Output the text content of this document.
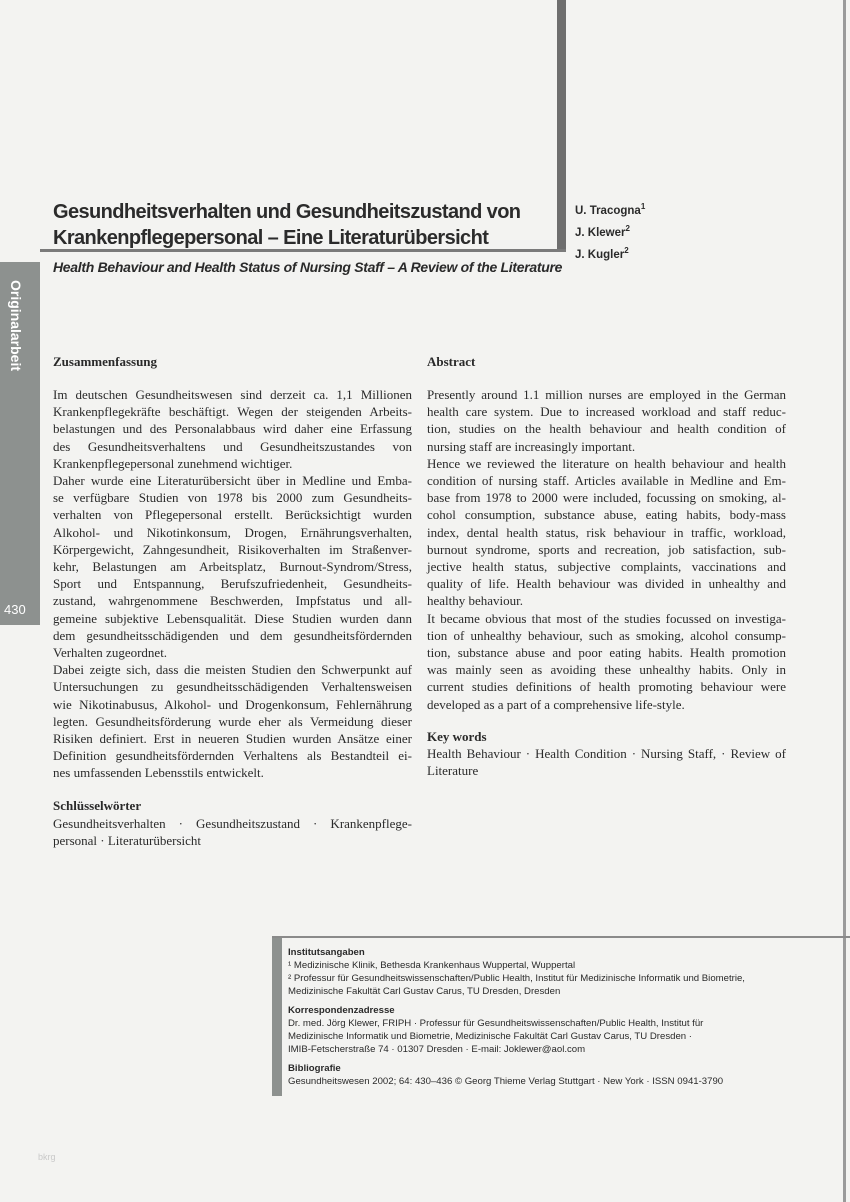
Originalarbeit
430
Gesundheitsverhalten und Gesundheitszustand von
Krankenpflegepersonal – Eine Literaturübersicht
Health Behaviour and Health Status of Nursing Staff – A Review of the Literature
U. Tracogna$^1$
J. Klewer$^2$
J. Kugler$^2$
Zusammenfassung
Im deutschen Gesundheitswesen sind derzeit ca. 1,1 Millionen
Krankenpflegekräfte beschäftigt. Wegen der steigenden Arbeits-
belastungen und des Personalabbaus wird daher eine Erfassung
des Gesundheitsverhaltens und Gesundheitszustandes von
Krankenpflegepersonal zunehmend wichtiger.
Daher wurde eine Literaturübersicht über in Medline und Emba-
se verfügbare Studien von 1978 bis 2000 zum Gesundheits-
verhalten von Pflegepersonal erstellt. Berücksichtigt wurden
Alkohol- und Nikotinkonsum, Drogen, Ernährungsverhalten,
Körpergewicht, Zahngesundheit, Risikoverhalten im Straßenver-
kehr, Belastungen am Arbeitsplatz, Burnout-Syndrom/Stress,
Sport und Entspannung, Berufszufriedenheit, Gesundheits-
zustand, wahrgenommene Beschwerden, Impfstatus und all-
gemeine subjektive Lebensqualität. Diese Studien wurden dann
dem gesundheitsschädigenden und dem gesundheitsfördernden
Verhalten zugeordnet.
Dabei zeigte sich, dass die meisten Studien den Schwerpunkt auf
Untersuchungen zu gesundheitsschädigenden Verhaltensweisen
wie Nikotinabusus, Alkohol- und Drogenkonsum, Fehlernährung
legten. Gesundheitsförderung wurde eher als Vermeidung dieser
Risiken definiert. Erst in neueren Studien wurden Ansätze einer
Definition gesundheitsfördernden Verhaltens als Bestandteil ei-
nes umfassenden Lebensstils entwickelt.
Schlüsselwörter
Gesundheitsverhalten · Gesundheitszustand · Krankenpflege-
personal · Literaturübersicht
Abstract
Presently around 1.1 million nurses are employed in the German
health care system. Due to increased workload and staff reduc-
tion, studies on the health behaviour and health condition of
nursing staff are increasingly important.
Hence we reviewed the literature on health behaviour and health
condition of nursing staff. Articles available in Medline and Em-
base from 1978 to 2000 were included, focussing on smoking, al-
cohol consumption, substance abuse, eating habits, body-mass
index, dental health status, risk behaviour in traffic, workload,
burnout syndrome, sports and recreation, job satisfaction, sub-
jective health status, subjective complaints, vaccinations and
quality of life. Health behaviour was divided in unhealthy and
healthy behaviour.
It became obvious that most of the studies focussed on investiga-
tion of unhealthy behaviour, such as smoking, alcohol consump-
tion, substance abuse and poor eating habits. Health promotion
was mainly seen as avoiding these unhealthy habits. Only in
current studies definitions of health promoting behaviour were
developed as a part of a comprehensive life-style.
Key words
Health Behaviour · Health Condition · Nursing Staff, · Review of
Literature
Institutsangaben
¹ Medizinische Klinik, Bethesda Krankenhaus Wuppertal, Wuppertal
² Professur für Gesundheitswissenschaften/Public Health, Institut für Medizinische Informatik und Biometrie,
Medizinische Fakultät Carl Gustav Carus, TU Dresden, Dresden
Korrespondenzadresse
Dr. med. Jörg Klewer, FRIPH · Professur für Gesundheitswissenschaften/Public Health, Institut für
Medizinische Informatik und Biometrie, Medizinische Fakultät Carl Gustav Carus, TU Dresden ·
IMIB-Fetscherstraße 74 · 01307 Dresden · E-mail: Joklewer@aol.com
Bibliografie
Gesundheitswesen 2002; 64: 430–436 © Georg Thieme Verlag Stuttgart · New York · ISSN 0941-3790
bkrg
